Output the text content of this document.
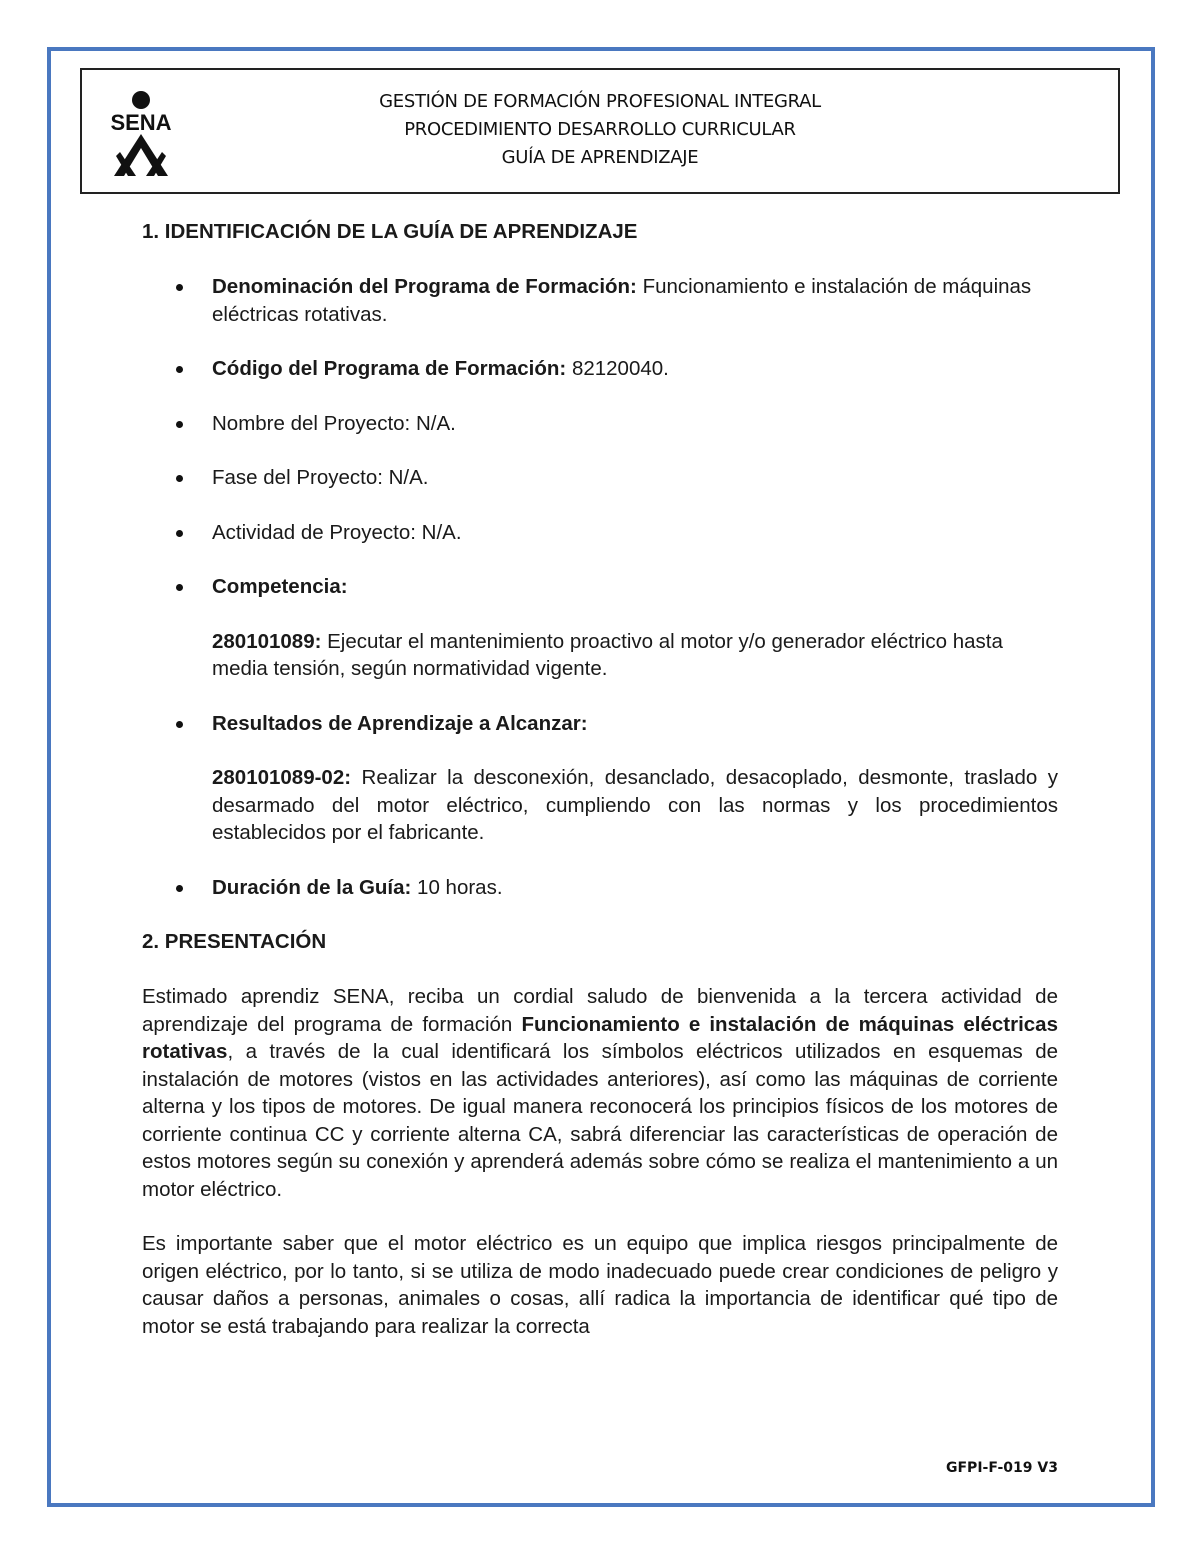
SENA
GESTIÓN DE FORMACIÓN PROFESIONAL INTEGRAL
PROCEDIMIENTO DESARROLLO CURRICULAR
GUÍA DE APRENDIZAJE
1. IDENTIFICACIÓN DE LA GUÍA DE APRENDIZAJE
Denominación del Programa de Formación: Funcionamiento e instalación de máquinas eléctricas rotativas.
Código del Programa de Formación: 82120040.
Nombre del Proyecto: N/A.
Fase del Proyecto: N/A.
Actividad de Proyecto: N/A.
Competencia:
280101089: Ejecutar el mantenimiento proactivo al motor y/o generador eléctrico hasta media tensión, según normatividad vigente.
Resultados de Aprendizaje a Alcanzar:
280101089-02: Realizar la desconexión, desanclado, desacoplado, desmonte, traslado y desarmado del motor eléctrico, cumpliendo con las normas y los procedimientos establecidos por el fabricante.
Duración de la Guía: 10 horas.
2. PRESENTACIÓN

Estimado aprendiz SENA, reciba un cordial saludo de bienvenida a la tercera actividad de aprendizaje del programa de formación Funcionamiento e instalación de máquinas eléctricas rotativas, a través de la cual identificará los símbolos eléctricos utilizados en esquemas de instalación de motores (vistos en las actividades anteriores), así como las máquinas de corriente alterna y los tipos de motores. De igual manera reconocerá los principios físicos de los motores de corriente continua CC y corriente alterna CA, sabrá diferenciar las características de operación de estos motores según su conexión y aprenderá además sobre cómo se realiza el mantenimiento a un motor eléctrico.

Es importante saber que el motor eléctrico es un equipo que implica riesgos principalmente de origen eléctrico, por lo tanto, si se utiliza de modo inadecuado puede crear condiciones de peligro y causar daños a personas, animales o cosas, allí radica la importancia de identificar qué tipo de motor se está trabajando para realizar la correcta

GFPI-F-019 V3
